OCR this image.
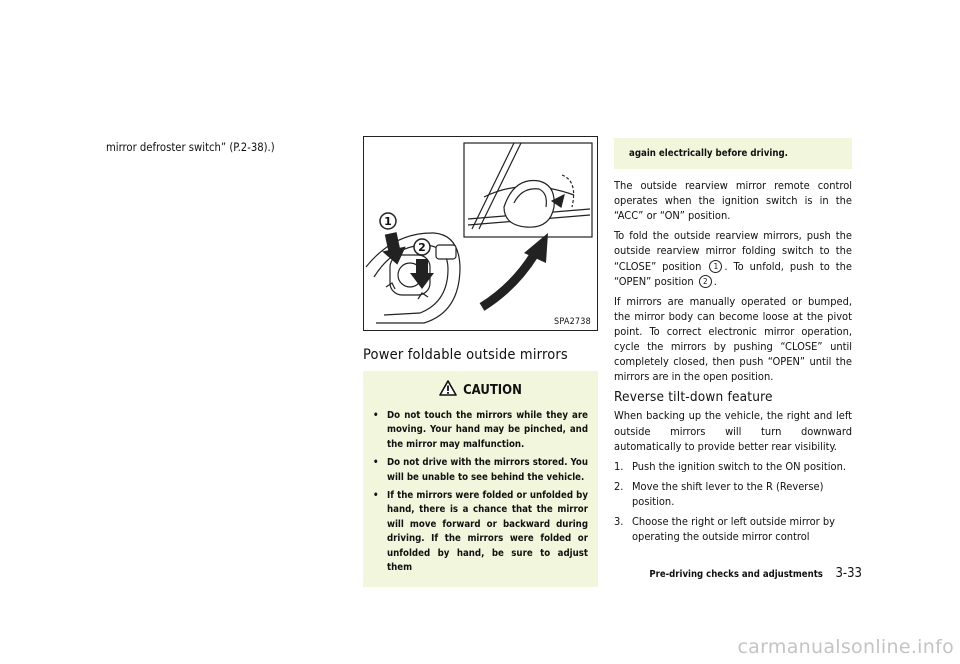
mirror defroster switch” (P.2-38).)
1
2
SPA2738
Power foldable outside mirrors
CAUTION
• Do not touch the mirrors while they are moving. Your hand may be pinched, and the mirror may malfunction.
• Do not drive with the mirrors stored. You will be unable to see behind the vehicle.
• If the mirrors were folded or unfolded by hand, there is a chance that the mirror will move forward or backward during driving. If the mirrors were folded or unfolded by hand, be sure to adjust them
again electrically before driving.

The outside rearview mirror remote control operates when the ignition switch is in the “ACC” or “ON” position.

To fold the outside rearview mirrors, push the outside rearview mirror folding switch to the “CLOSE” position 1 . To unfold, push to the “OPEN” position 2 .

If mirrors are manually operated or bumped, the mirror body can become loose at the pivot point. To correct electronic mirror operation, cycle the mirrors by pushing “CLOSE” until completely closed, then push “OPEN” until the mirrors are in the open position.

Reverse tilt-down feature

When backing up the vehicle, the right and left outside mirrors will turn downward automatically to provide better rear visibility.

1. Push the ignition switch to the ON position.
2. Move the shift lever to the R (Reverse) position.
3. Choose the right or left outside mirror by operating the outside mirror control
Pre-driving checks and adjustments 3-33
carmanualsonline.info
